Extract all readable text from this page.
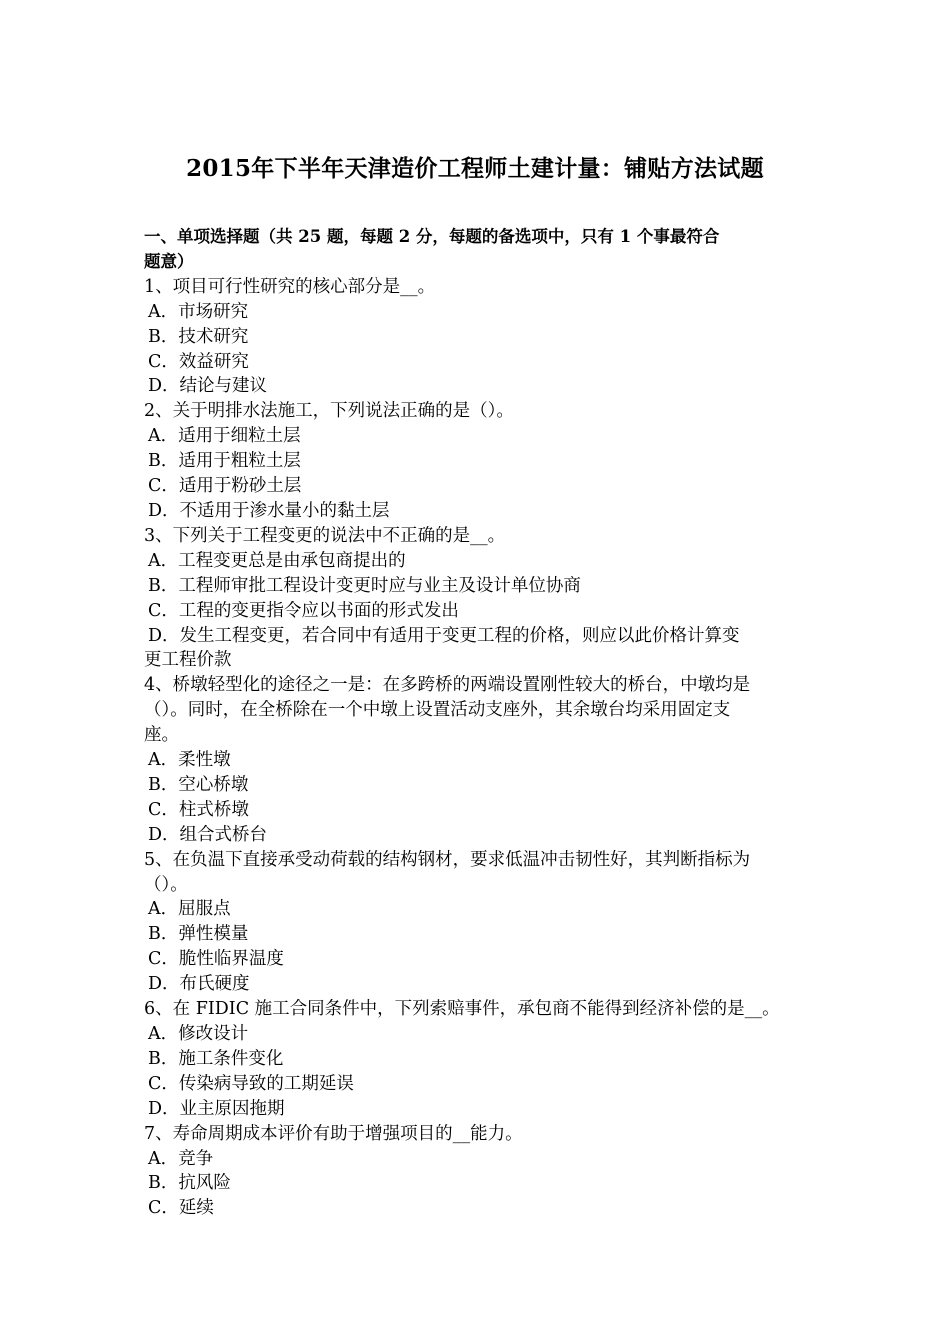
2015年下半年天津造价工程师土建计量：铺贴方法试题
一、单项选择题（共 25 题，每题 2 分，每题的备选项中，只有 1 个事最符合
题意）
1、项目可行性研究的核心部分是__。
A．市场研究
B．技术研究
C．效益研究
D．结论与建议
2、关于明排水法施工，下列说法正确的是（）。
A．适用于细粒土层
B．适用于粗粒土层
C．适用于粉砂土层
D．不适用于渗水量小的黏土层
3、下列关于工程变更的说法中不正确的是__。
A．工程变更总是由承包商提出的
B．工程师审批工程设计变更时应与业主及设计单位协商
C．工程的变更指令应以书面的形式发出
D．发生工程变更，若合同中有适用于变更工程的价格，则应以此价格计算变
更工程价款
4、桥墩轻型化的途径之一是：在多跨桥的两端设置刚性较大的桥台，中墩均是
（）。同时，在全桥除在一个中墩上设置活动支座外，其余墩台均采用固定支
座。
A．柔性墩
B．空心桥墩
C．柱式桥墩
D．组合式桥台
5、在负温下直接承受动荷载的结构钢材，要求低温冲击韧性好，其判断指标为
（）。
A．屈服点
B．弹性模量
C．脆性临界温度
D．布氏硬度
6、在 FIDIC 施工合同条件中，下列索赔事件，承包商不能得到经济补偿的是__。
A．修改设计
B．施工条件变化
C．传染病导致的工期延误
D．业主原因拖期
7、寿命周期成本评价有助于增强项目的__能力。
A．竞争
B．抗风险
C．延续
